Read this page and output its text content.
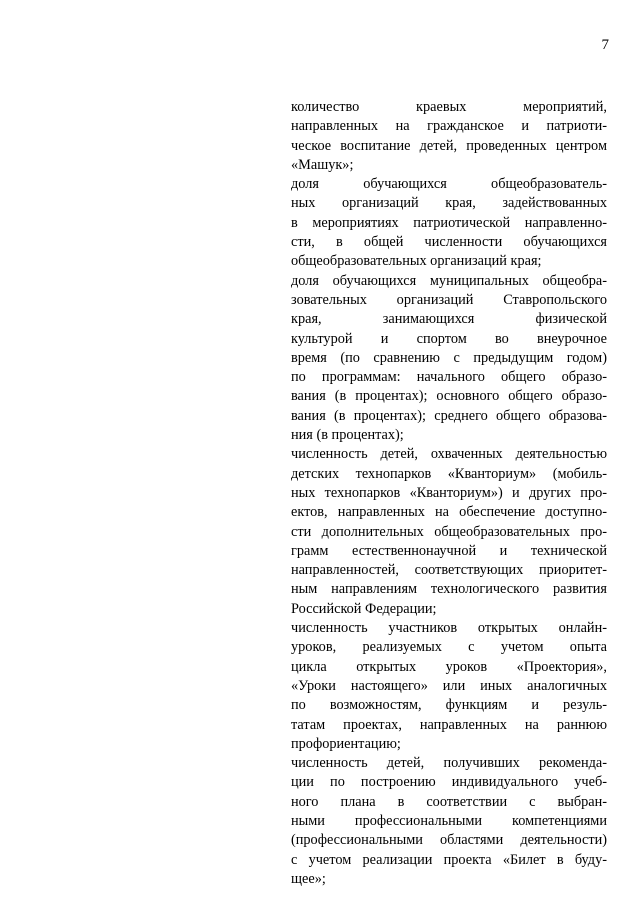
7

количество краевых мероприятий,
направленных на гражданское и патриоти-
ческое воспитание детей, проведенных центром
«Машук»;

доля обучающихся общеобразователь-
ных организаций края, задействованных
в мероприятиях патриотической направленно-
сти, в общей численности обучающихся
общеобразовательных организаций края;

доля обучающихся муниципальных общеобра-
зовательных организаций Ставропольского
края, занимающихся физической
культурой и спортом во внеурочное
время (по сравнению с предыдущим годом)
по программам: начального общего образо-
вания (в процентах); основного общего образо-
вания (в процентах); среднего общего образова-
ния (в процентах);

численность детей, охваченных деятельностью
детских технопарков «Кванториум» (мобиль-
ных технопарков «Кванториум») и других про-
ектов, направленных на обеспечение доступно-
сти дополнительных общеобразовательных про-
грамм естественнонаучной и технической
направленностей, соответствующих приоритет-
ным направлениям технологического развития
Российской Федерации;

численность участников открытых онлайн-
уроков, реализуемых с учетом опыта
цикла открытых уроков «Проектория»,
«Уроки настоящего» или иных аналогичных
по возможностям, функциям и резуль-
татам проектах, направленных на раннюю
профориентацию;

численность детей, получивших рекоменда-
ции по построению индивидуального учеб-
ного плана в соответствии с выбран-
ными профессиональными компетенциями
(профессиональными областями деятельности)
с учетом реализации проекта «Билет в буду-
щее»;
